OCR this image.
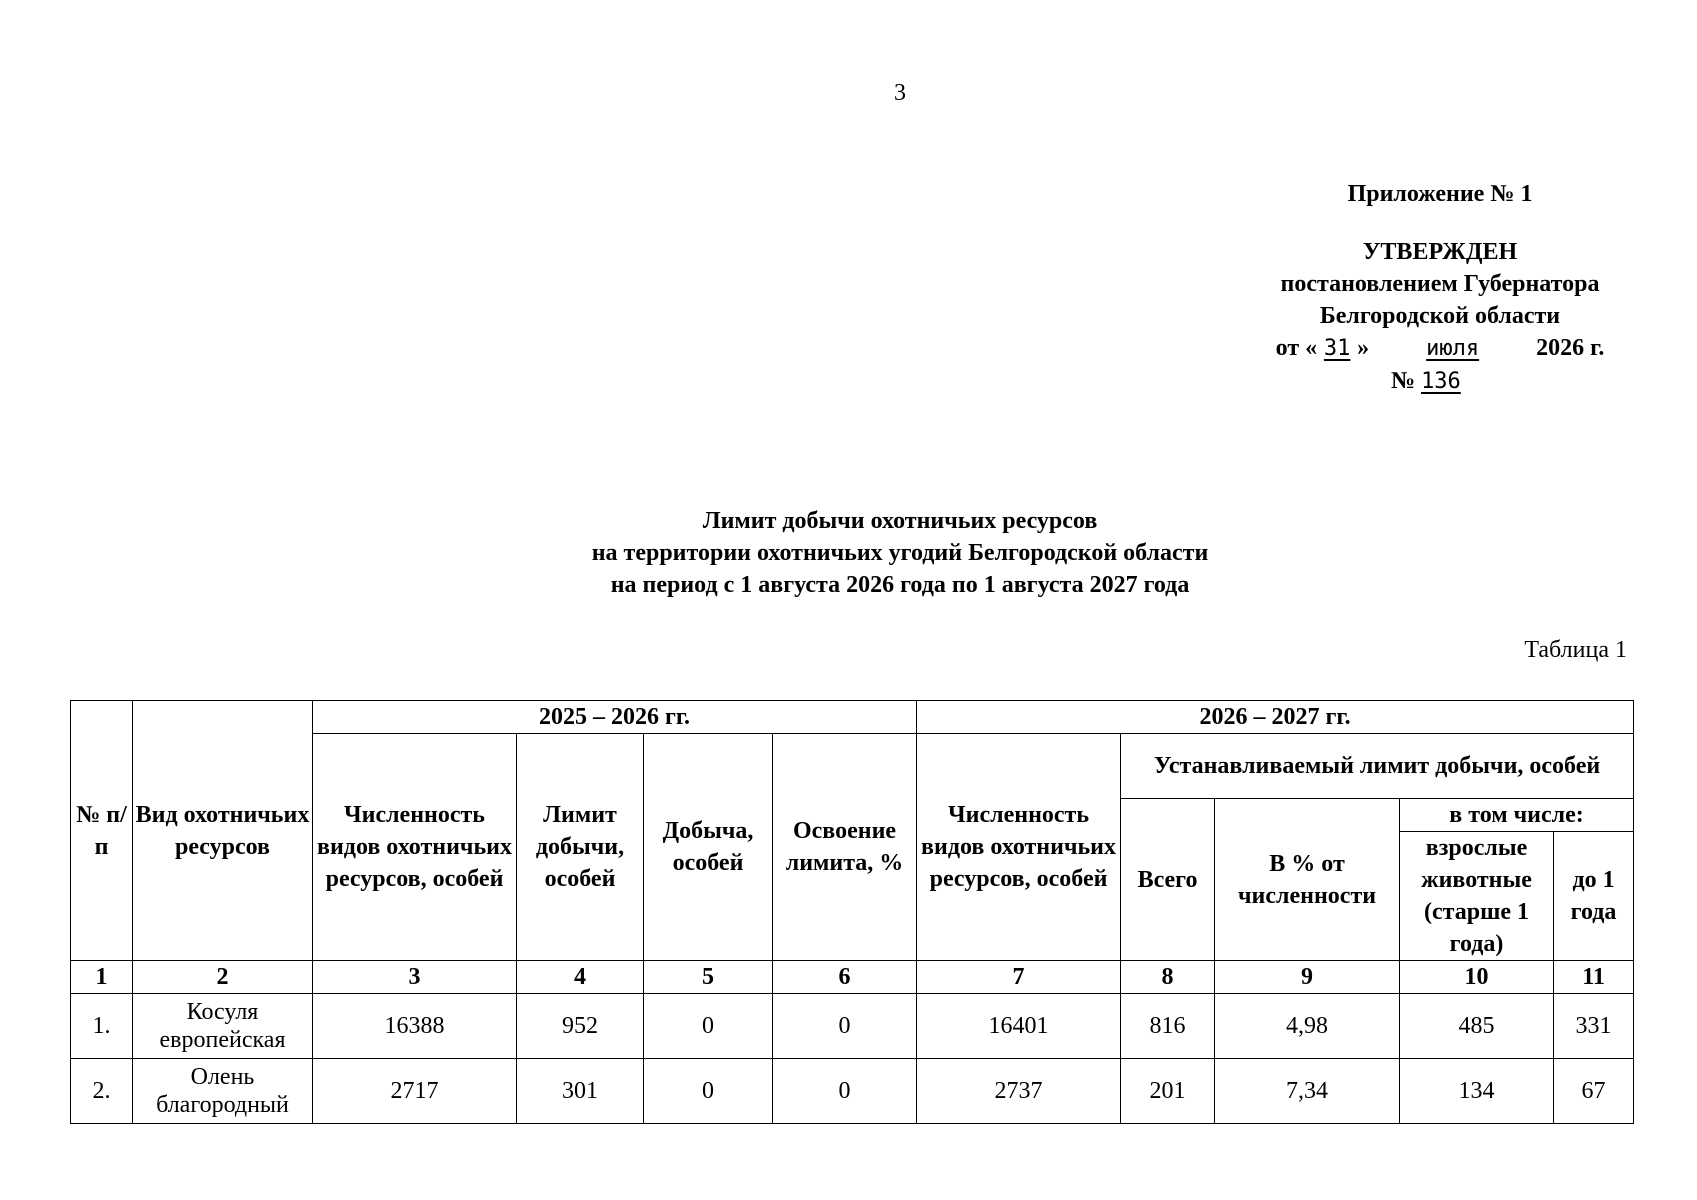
3
Приложение № 1
УТВЕРЖДЕН
постановлением Губернатора
Белгородской области
от « 31 »	июля 2026 г.
№ 136
Лимит добычи охотничьих ресурсов
на территории охотничьих угодий Белгородской области
на период с 1 августа 2026 года по 1 августа 2027 года
Таблица 1
№ п/п	Вид охотничьих ресурсов	2025 – 2026 гг.				2026 – 2027 гг.				
		Численность видов охотничьих ресурсов, особей	Лимит добычи, особей	Добыча, особей	Освоение лимита, %	Численность видов охотничьих ресурсов, особей	Устанавливаемый лимит добычи, особей			
							Всего	В % от численности	в том числе:	
									взрослые животные (старше 1 года)	до 1 года
1	2	3	4	5	6	7	8	9	10	11
1.	Косуля европейская	16388	952	0	0	16401	816	4,98	485	331
2.	Олень благородный	2717	301	0	0	2737	201	7,34	134	67
